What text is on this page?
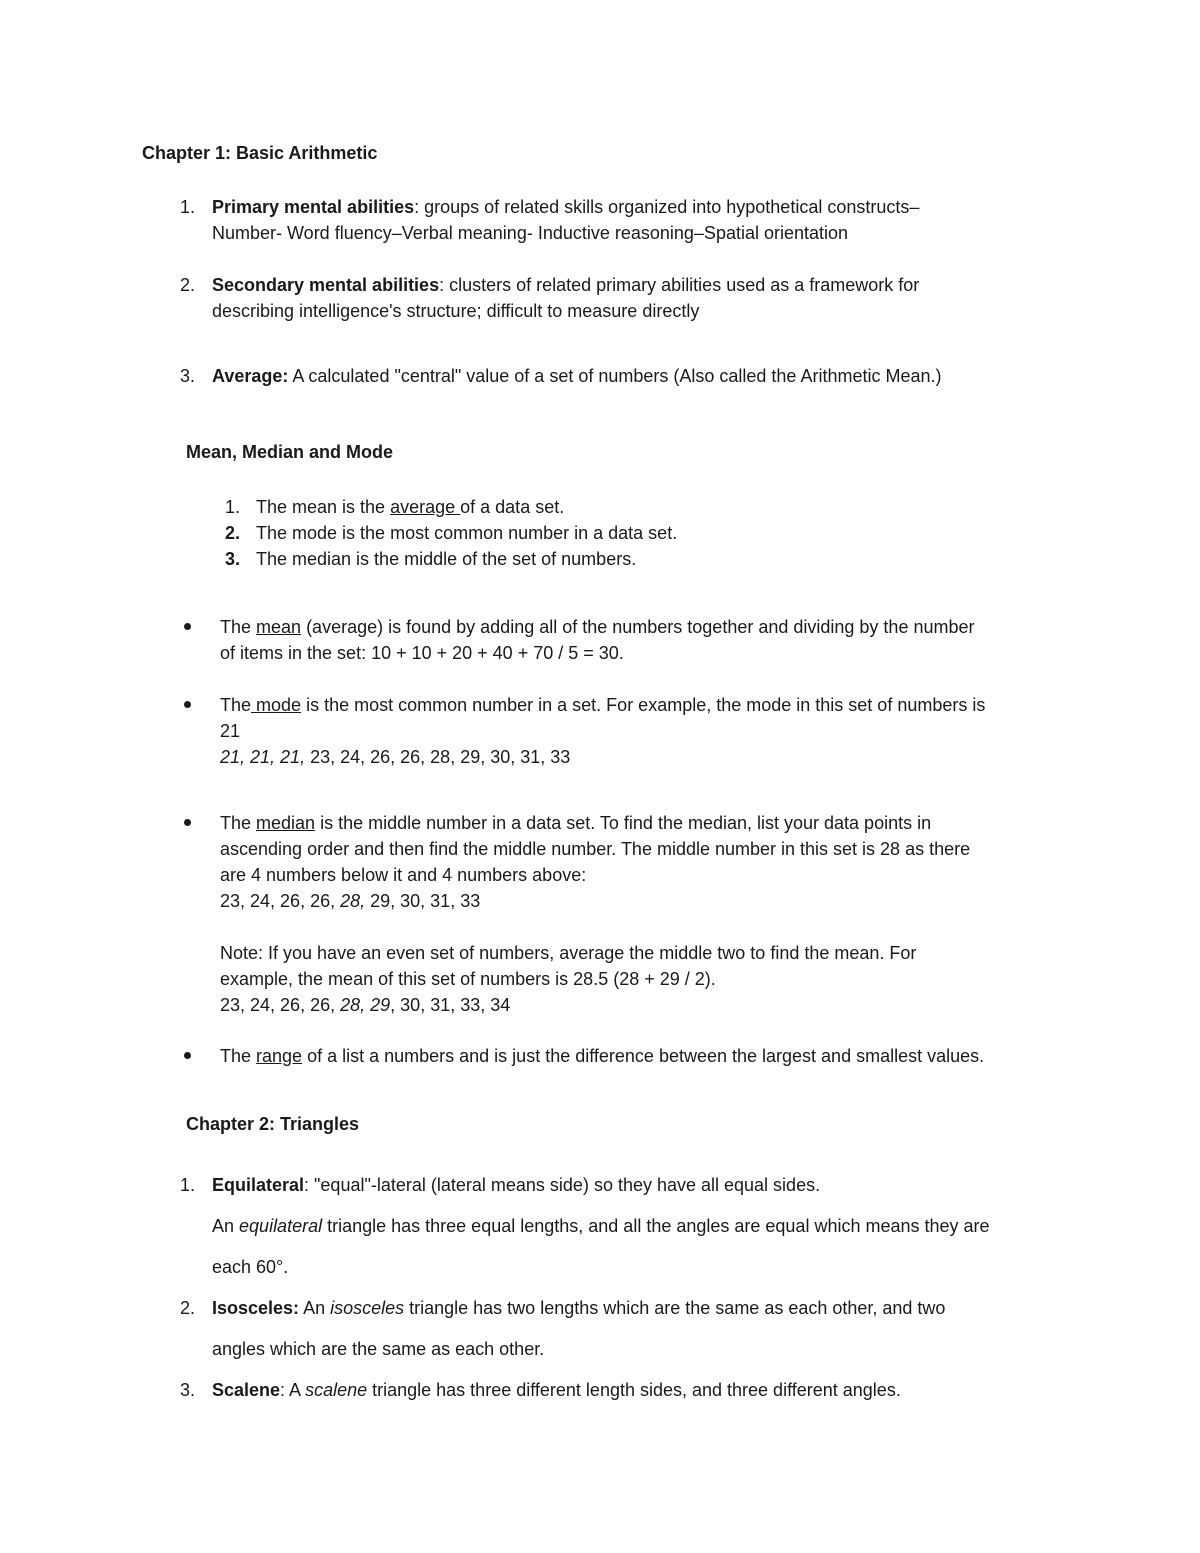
Chapter 1: Basic Arithmetic
1. Primary mental abilities: groups of related skills organized into hypothetical constructs–
Number- Word fluency–Verbal meaning- Inductive reasoning–Spatial orientation
2. Secondary mental abilities: clusters of related primary abilities used as a framework for
describing intelligence's structure; difficult to measure directly
3. Average: A calculated "central" value of a set of numbers (Also called the Arithmetic Mean.)
Mean, Median and Mode
1. The mean is the average of a data set.
2. The mode is the most common number in a data set.
3. The median is the middle of the set of numbers.
The mean (average) is found by adding all of the numbers together and dividing by the number
of items in the set: 10 + 10 + 20 + 40 + 70 / 5 = 30.
The mode is the most common number in a set. For example, the mode in this set of numbers is
21
21, 21, 21, 23, 24, 26, 26, 28, 29, 30, 31, 33
The median is the middle number in a data set. To find the median, list your data points in
ascending order and then find the middle number. The middle number in this set is 28 as there
are 4 numbers below it and 4 numbers above:
23, 24, 26, 26, 28, 29, 30, 31, 33
Note: If you have an even set of numbers, average the middle two to find the mean. For
example, the mean of this set of numbers is 28.5 (28 + 29 / 2).
23, 24, 26, 26, 28, 29, 30, 31, 33, 34
The range of a list a numbers and is just the difference between the largest and smallest values.
Chapter 2: Triangles
1. Equilateral: "equal"-lateral (lateral means side) so they have all equal sides.
An equilateral triangle has three equal lengths, and all the angles are equal which means they are
each 60°.
2. Isosceles: An isosceles triangle has two lengths which are the same as each other, and two
angles which are the same as each other.
3. Scalene: A scalene triangle has three different length sides, and three different angles.
